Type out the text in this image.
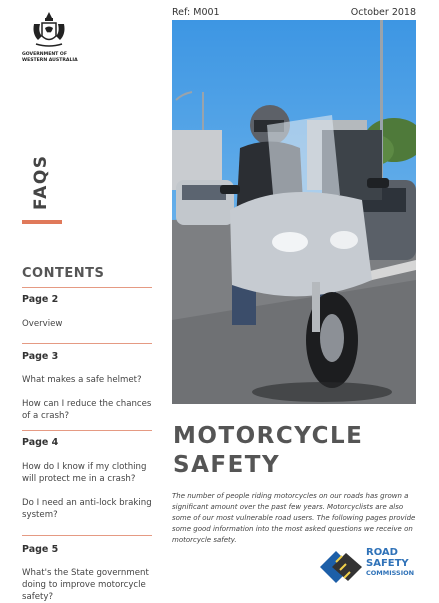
GOVERNMENT OF
WESTERN AUSTRALIA
FAQS
CONTENTS
Page 2
Overview
Page 3
What makes a safe helmet?
How can I reduce the chances of a crash?
Page 4
How do I know if my clothing will protect me in a crash?
Do I need an anti-lock braking system?
Page 5
What's the State government doing to improve motorcycle safety?
Ref: M001	October 2018
MOTORCYCLE
SAFETY
The number of people riding motorcycles on our roads has grown a significant amount over the past few years. Motorcyclists are also some of our most vulnerable road users. The following pages provide some good information into the most asked questions we receive on motorcycle safety.
ROAD
SAFETY
COMMISSION
